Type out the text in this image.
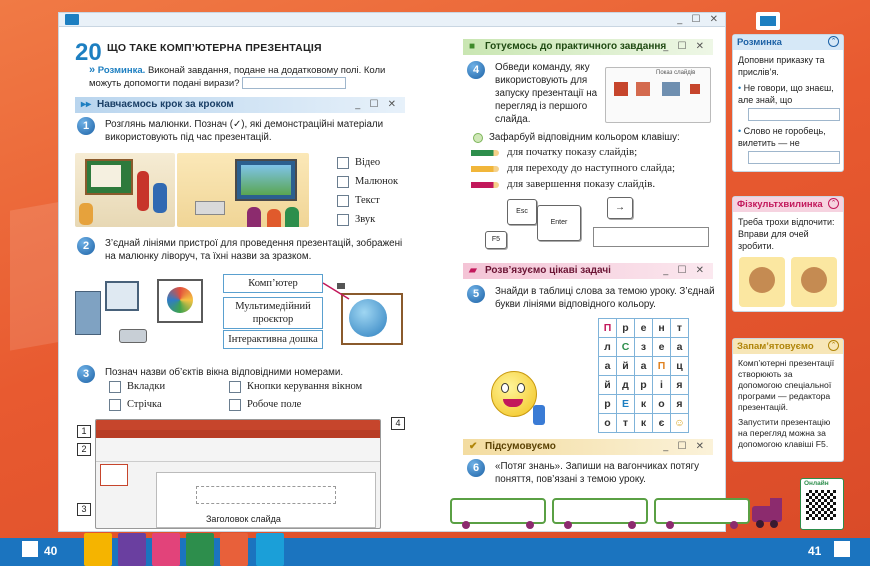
_ ☐ ✕
20 ЩО ТАКЕ КОМП’ЮТЕРНА ПРЕЗЕНТАЦІЯ
» Розминка. Виконай завдання, подане на додатковому полі. Коли можуть допомогти подані вирази?
▸▸ Навчаємось крок за кроком	_ ☐ ✕
1	Розглянь малюнки. Познач (✓), які демонстраційні матеріали використовують під час презентацій.
Відео
Малюнок
Текст
Звук
2	З’єднай лініями пристрої для проведення презентацій, зображені на малюнку ліворуч, та їхні назви за зразком.
Комп’ютер
Мультимедійний проєктор
Інтерактивна дошка
3	Познач назви об’єктів вікна відповідними номерами.
Вкладки	Кнопки керування вікном
Стрічка	Робоче поле
Заголовок слайда
1
2
3
4
■ Готуємось до практичного завдання
_ ☐ ✕
4	Обведи команду, яку використовують для запуску презентації на перегляд із першого слайда.
Показ слайдів
Зафарбуй відповідним кольором клавішу:
для початку показу слайдів;
для переходу до наступного слайда;
для завершення показу слайдів.
Esc
Enter
→
F5
▰ Розв’язуємо цікаві задачі	_ ☐ ✕
5	Знайди в таблиці слова за темою уроку. З’єднай букви лініями відповідного кольору.
✔ Підсумовуємо	_ ☐ ✕
6	«Потяг знань». Запиши на вагончиках потягу поняття, пов’язані з темою уроку.
П	р	е	н	т
л	С	з	е	а
а	й	а	П	ц
й	д	р	і	я
р	Е	к	о	я
о	т	к	є	☺
Розминка	⌃
Доповни приказку та прислів’я.
• Не говори, що знаєш, але знай, що
• Слово не горобець, вилетить — не
Фізкультхвилинка	⌃
Треба трохи відпочити: Вправи для очей зробити.
Запам’ятовуємо	⌃
Комп’ютерні презентації створюють за допомогою спеціальної програми — редактора презентацій.
Запустити презентацію на перегляд можна за допомогою клавіші F5.
Онлайн
40	41
